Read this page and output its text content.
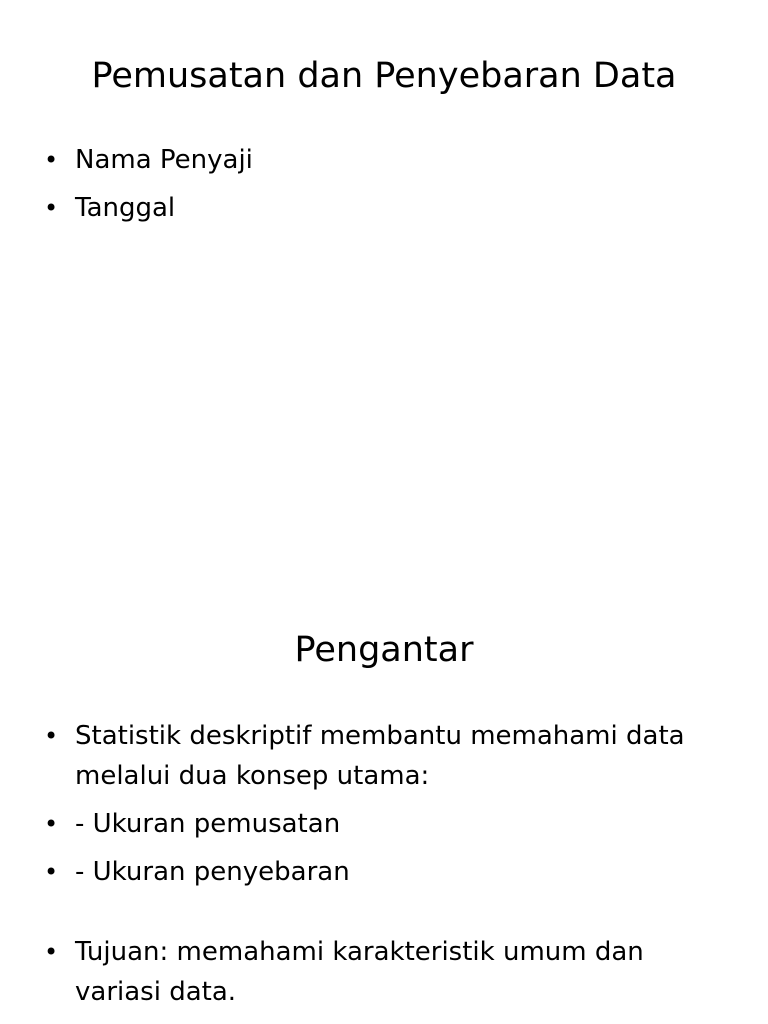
Pemusatan dan Penyebaran Data
• Nama Penyaji
• Tanggal
Pengantar
• Statistik deskriptif membantu memahami data melalui dua konsep utama:
• - Ukuran pemusatan
• - Ukuran penyebaran
• Tujuan: memahami karakteristik umum dan variasi data.
